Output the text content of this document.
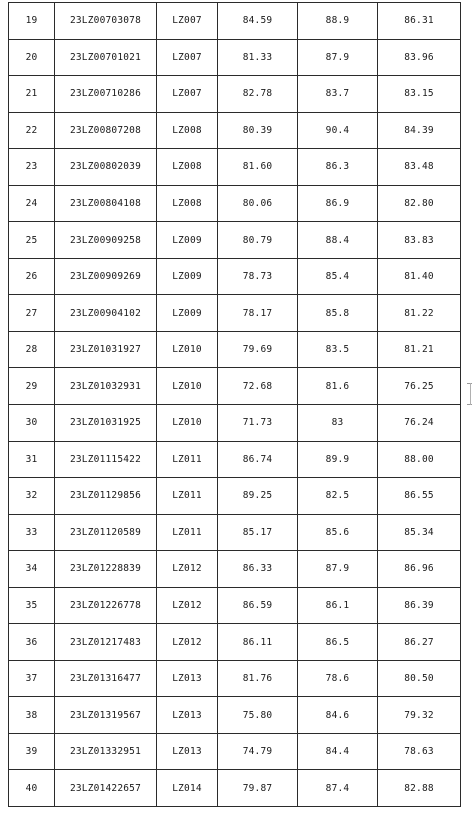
19	23LZ00703078	LZ007	84.59	88.9	86.31
20	23LZ00701021	LZ007	81.33	87.9	83.96
21	23LZ00710286	LZ007	82.78	83.7	83.15
22	23LZ00807208	LZ008	80.39	90.4	84.39
23	23LZ00802039	LZ008	81.60	86.3	83.48
24	23LZ00804108	LZ008	80.06	86.9	82.80
25	23LZ00909258	LZ009	80.79	88.4	83.83
26	23LZ00909269	LZ009	78.73	85.4	81.40
27	23LZ00904102	LZ009	78.17	85.8	81.22
28	23LZ01031927	LZ010	79.69	83.5	81.21
29	23LZ01032931	LZ010	72.68	81.6	76.25
30	23LZ01031925	LZ010	71.73	83	76.24
31	23LZ01115422	LZ011	86.74	89.9	88.00
32	23LZ01129856	LZ011	89.25	82.5	86.55
33	23LZ01120589	LZ011	85.17	85.6	85.34
34	23LZ01228839	LZ012	86.33	87.9	86.96
35	23LZ01226778	LZ012	86.59	86.1	86.39
36	23LZ01217483	LZ012	86.11	86.5	86.27
37	23LZ01316477	LZ013	81.76	78.6	80.50
38	23LZ01319567	LZ013	75.80	84.6	79.32
39	23LZ01332951	LZ013	74.79	84.4	78.63
40	23LZ01422657	LZ014	79.87	87.4	82.88
